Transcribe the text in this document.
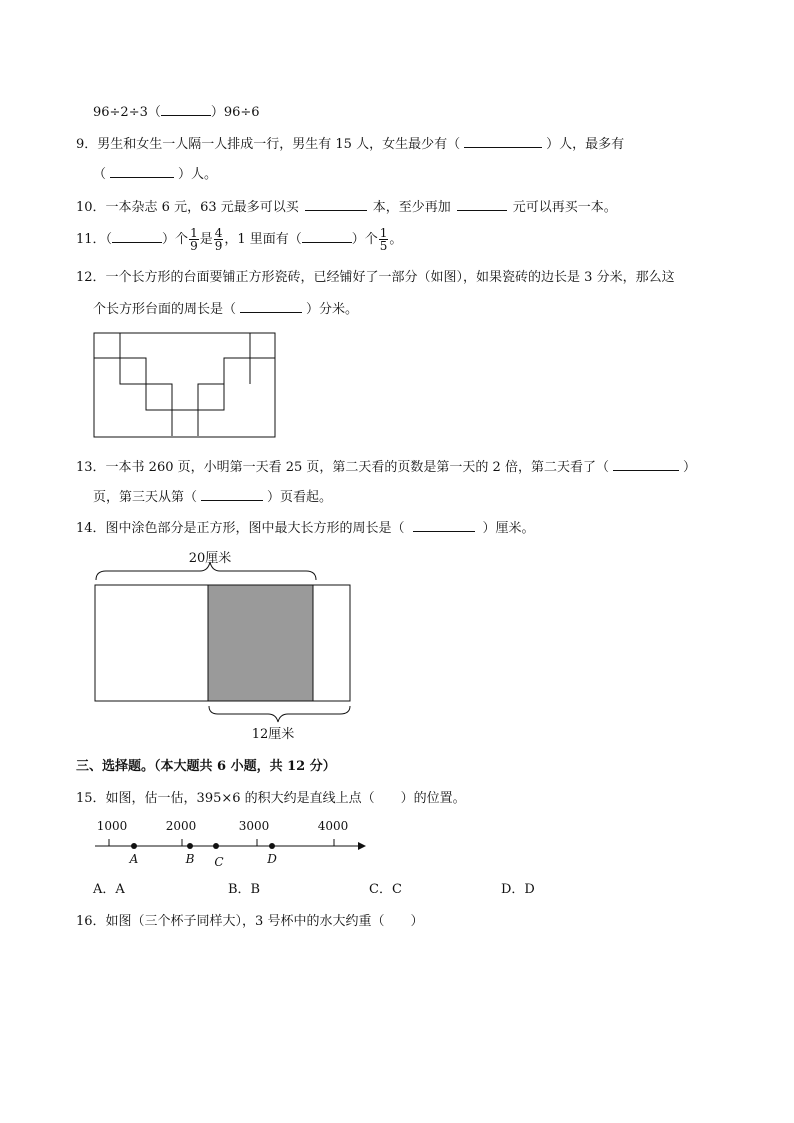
96÷2÷3（	）96÷6
9．男生和女生一人隔一人排成一行，男生有 15 人，女生最少有（	）人，最多有
（	）人。
10．一本杂志 6 元，63 元最多可以买	本，至少再加	元可以再买一本。
11．（	）个 $\frac{1}{9}$ 是 $\frac{4}{9}$ ，1 里面有（	）个 $\frac{1}{5}$ 。
12．一个长方形的台面要铺正方形瓷砖，已经铺好了一部分（如图），如果瓷砖的边长是 3 分米，那么这
个长方形台面的周长是（	）分米。
13．一本书 260 页，小明第一天看 25 页，第二天看的页数是第一天的 2 倍，第二天看了（	）
页，第三天从第（	）页看起。
14．图中涂色部分是正方形，图中最大长方形的周长是（	）厘米。
20厘米
12厘米
三、选择题。（本大题共 6 小题，共 12 分）
15．如图，估一估，395×6 的积大约是直线上点（　　）的位置。
1000	2000	3000	4000
A	B C	D
A．A	B．B	C．C	D．D
16．如图（三个杯子同样大），3 号杯中的水大约重（　　）
